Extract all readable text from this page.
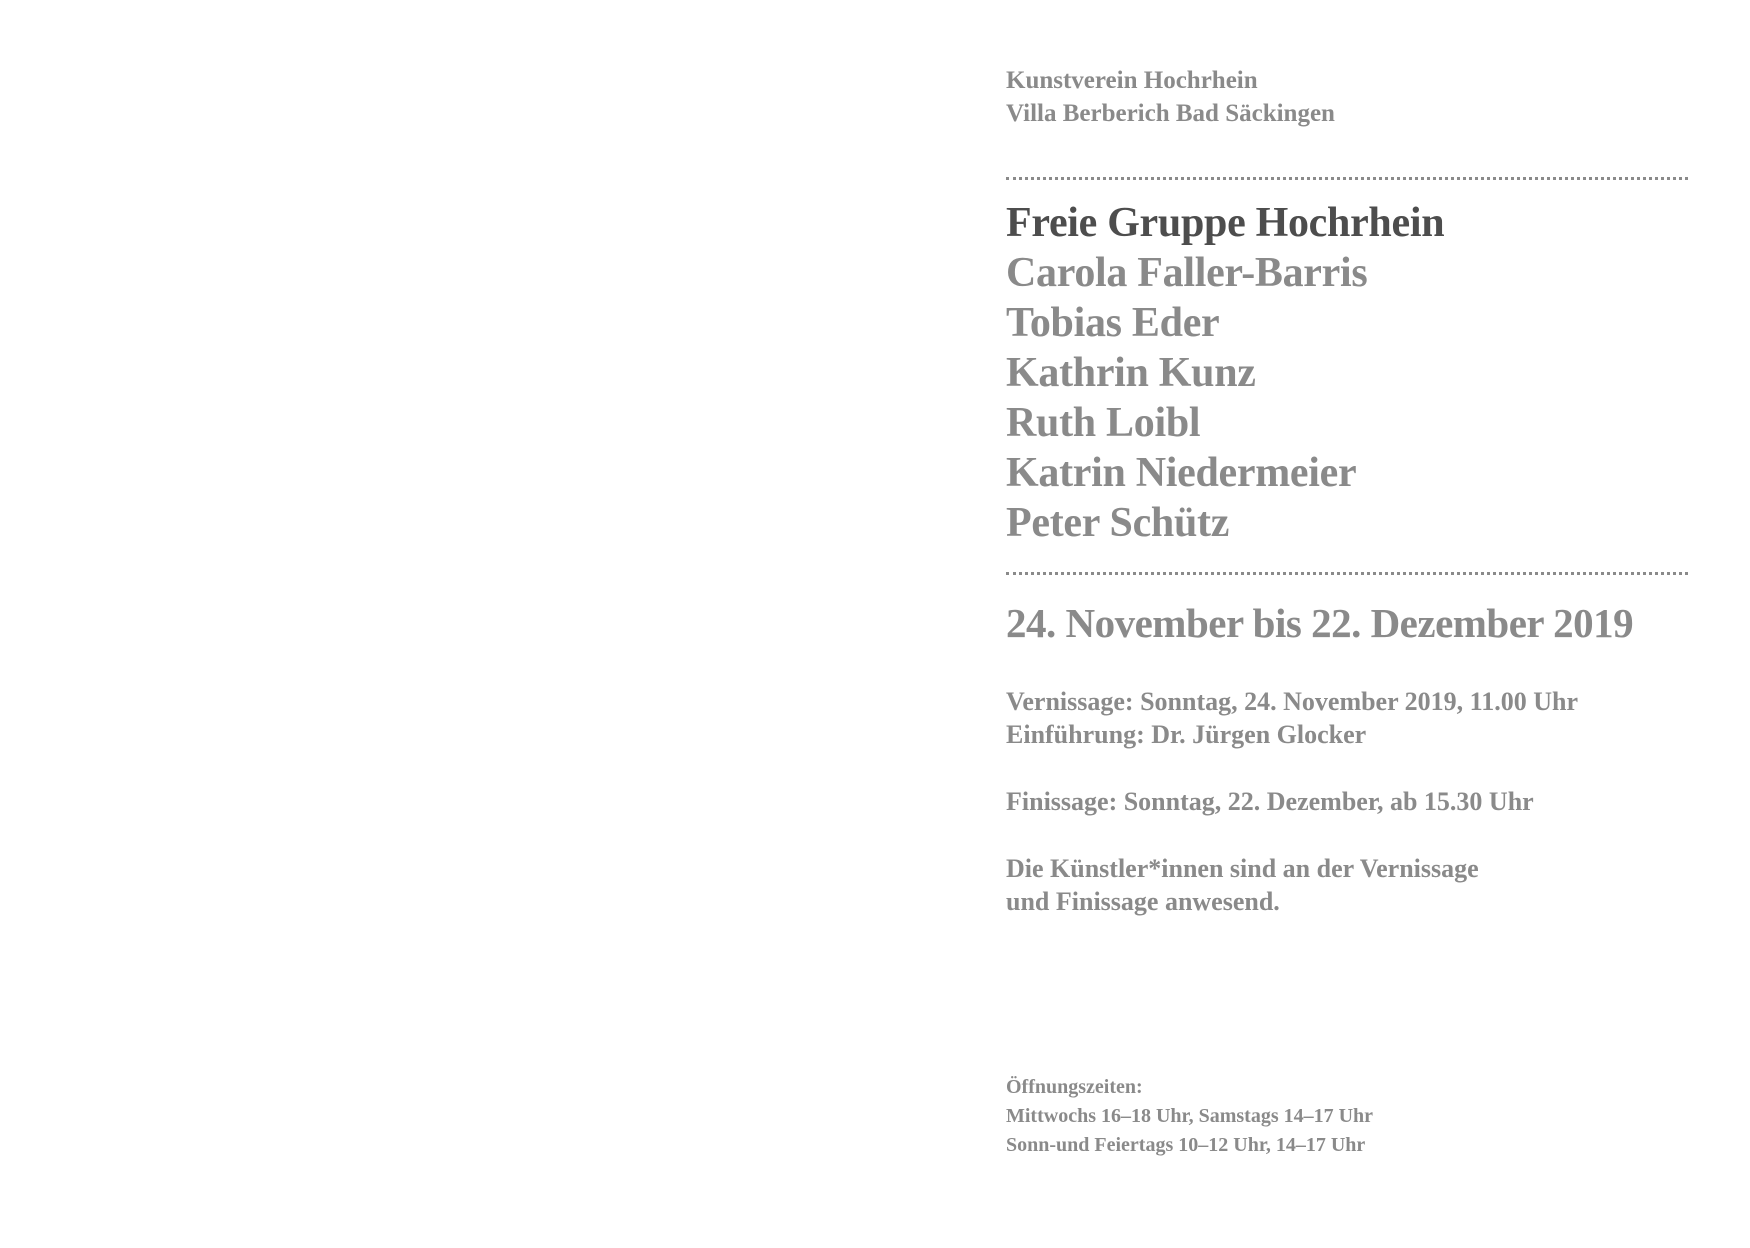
Kunstverein Hochrhein
Villa Berberich Bad Säckingen
Freie Gruppe Hochrhein
Carola Faller-Barris
Tobias Eder
Kathrin Kunz
Ruth Loibl
Katrin Niedermeier
Peter Schütz
24. November bis 22. Dezember 2019
Vernissage: Sonntag, 24. November 2019, 11.00 Uhr
Einführung: Dr. Jürgen Glocker
Finissage: Sonntag, 22. Dezember, ab 15.30 Uhr
Die Künstler*innen sind an der Vernissage
und Finissage anwesend.
Öffnungszeiten:
Mittwochs 16–18 Uhr, Samstags 14–17 Uhr
Sonn-und Feiertags 10–12 Uhr, 14–17 Uhr
